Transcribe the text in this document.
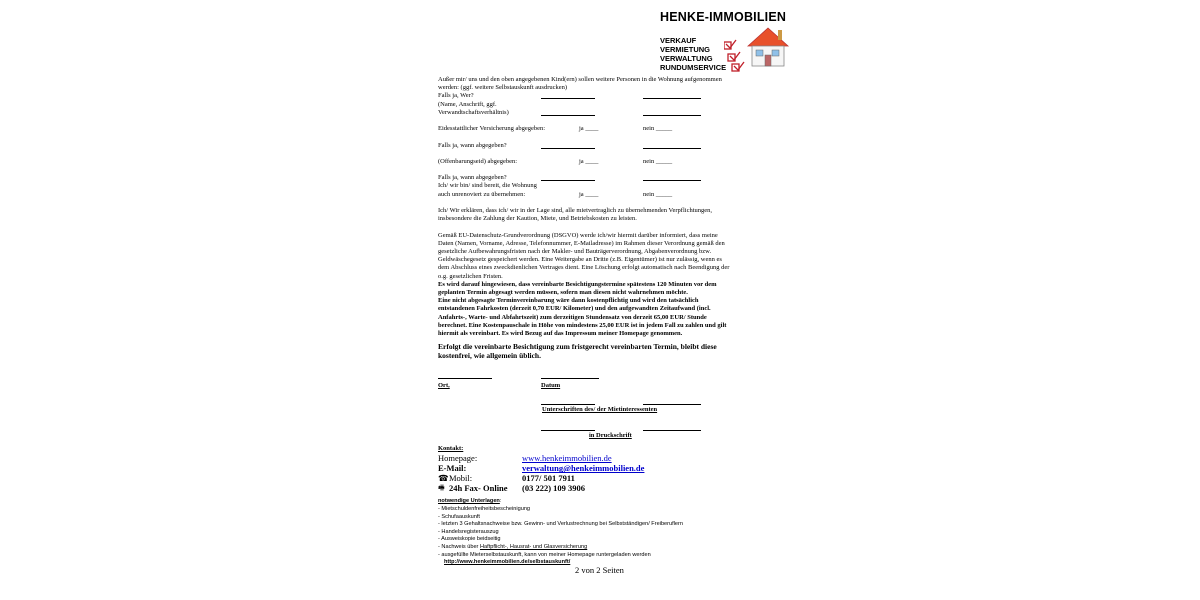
HENKE-IMMOBILIEN
VERKAUF
VERMIETUNG
VERWALTUNG
RUNDUMSERVICE
Außer mir/ uns und den oben angegebenen Kind(ern) sollen weitere Personen in die Wohnung aufgenommen
werden: (ggf. weitere Selbstauskunft ausdrucken)
Falls ja, Wer?
(Name, Anschrift, ggf.
Verwandtschaftsverhältnis)
Eidesstattlicher Versicherung abgegeben:	ja ____	nein _____
Falls ja, wann abgegeben?
(Offenbarungseid) abgegeben:	ja ____	nein _____
Falls ja, wann abgegeben?
Ich/ wir bin/ sind bereit, die Wohnung
auch unrenoviert zu übernehmen:	ja ____	nein _____
Ich/ Wir erklären, dass ich/ wir in der Lage sind, alle mietvertraglich zu übernehmenden Verpflichtungen,
insbesondere die Zahlung der Kaution, Miete, und Betriebskosten zu leisten.
Gemäß EU-Datenschutz-Grundverordnung (DSGVO) werde ich/wir hiermit darüber informiert, dass meine
Daten (Namen, Vorname, Adresse, Telefonnummer, E-Mailadresse) im Rahmen dieser Verordnung gemäß den
gesetzliche Aufbewahrungsfristen nach der Makler- und Bauträgerverordnung, Abgabenverordnung bzw.
Geldwäschegesetz gespeichert werden. Eine Weitergabe an Dritte (z.B. Eigentümer) ist nur zulässig, wenn es
dem Abschluss eines zweckdienlichen Vertrages dient. Eine Löschung erfolgt automatisch nach Beendigung der
o.g. gesetzlichen Fristen.
Es wird darauf hingewiesen, dass vereinbarte Besichtigungstermine spätestens 120 Minuten vor dem
geplanten Termin abgesagt werden müssen, sofern man diesen nicht wahrnehmen möchte.
Eine nicht abgesagte Terminvereinbarung wäre dann kostenpflichtig und wird den tatsächlich
entstandenen Fahrkosten (derzeit 0,70 EUR/ Kilometer) und den aufgewandten Zeitaufwand (incl.
Anfahrts-, Warte- und Abfahrtszeit) zum derzeitigen Stundensatz von derzeit 65,00 EUR/ Stunde
berechnet. Eine Kostenpauschale in Höhe von mindestens 25,00 EUR ist in jedem Fall zu zahlen und gilt
hiermit als vereinbart. Es wird Bezug auf das Impressum meiner Homepage genommen.
Erfolgt die vereinbarte Besichtigung zum fristgerecht vereinbarten Termin, bleibt diese
kostenfrei, wie allgemein üblich.
Ort,	Datum
Unterschriften des/ der Mietinteressenten
in Druckschrift
Kontakt:
Homepage:	www.henkeimmobilien.de
E-Mail:	verwaltung@henkeimmobilien.de
☎ Mobil:	0177/ 501 7911
🖷 24h Fax- Online (03 222) 109 3906
notwendige Unterlagen:
- Mietschuldenfreiheitsbescheinigung
- Schufaauskunft
- letzten 3 Gehaltsnachweise bzw. Gewinn- und Verlustrechnung bei Selbstständigen/ Freiberuflern
- Handelsregisterauszug
- Ausweiskopie beidseitig
- Nachweis über Haftpflicht-, Hausrat- und Glasversicherung
- ausgefüllte Mieterselbstauskunft, kann von meiner Homepage runtergeladen werden
http://www.henkeimmobilien.de/selbstauskunft/
2 von 2 Seiten
